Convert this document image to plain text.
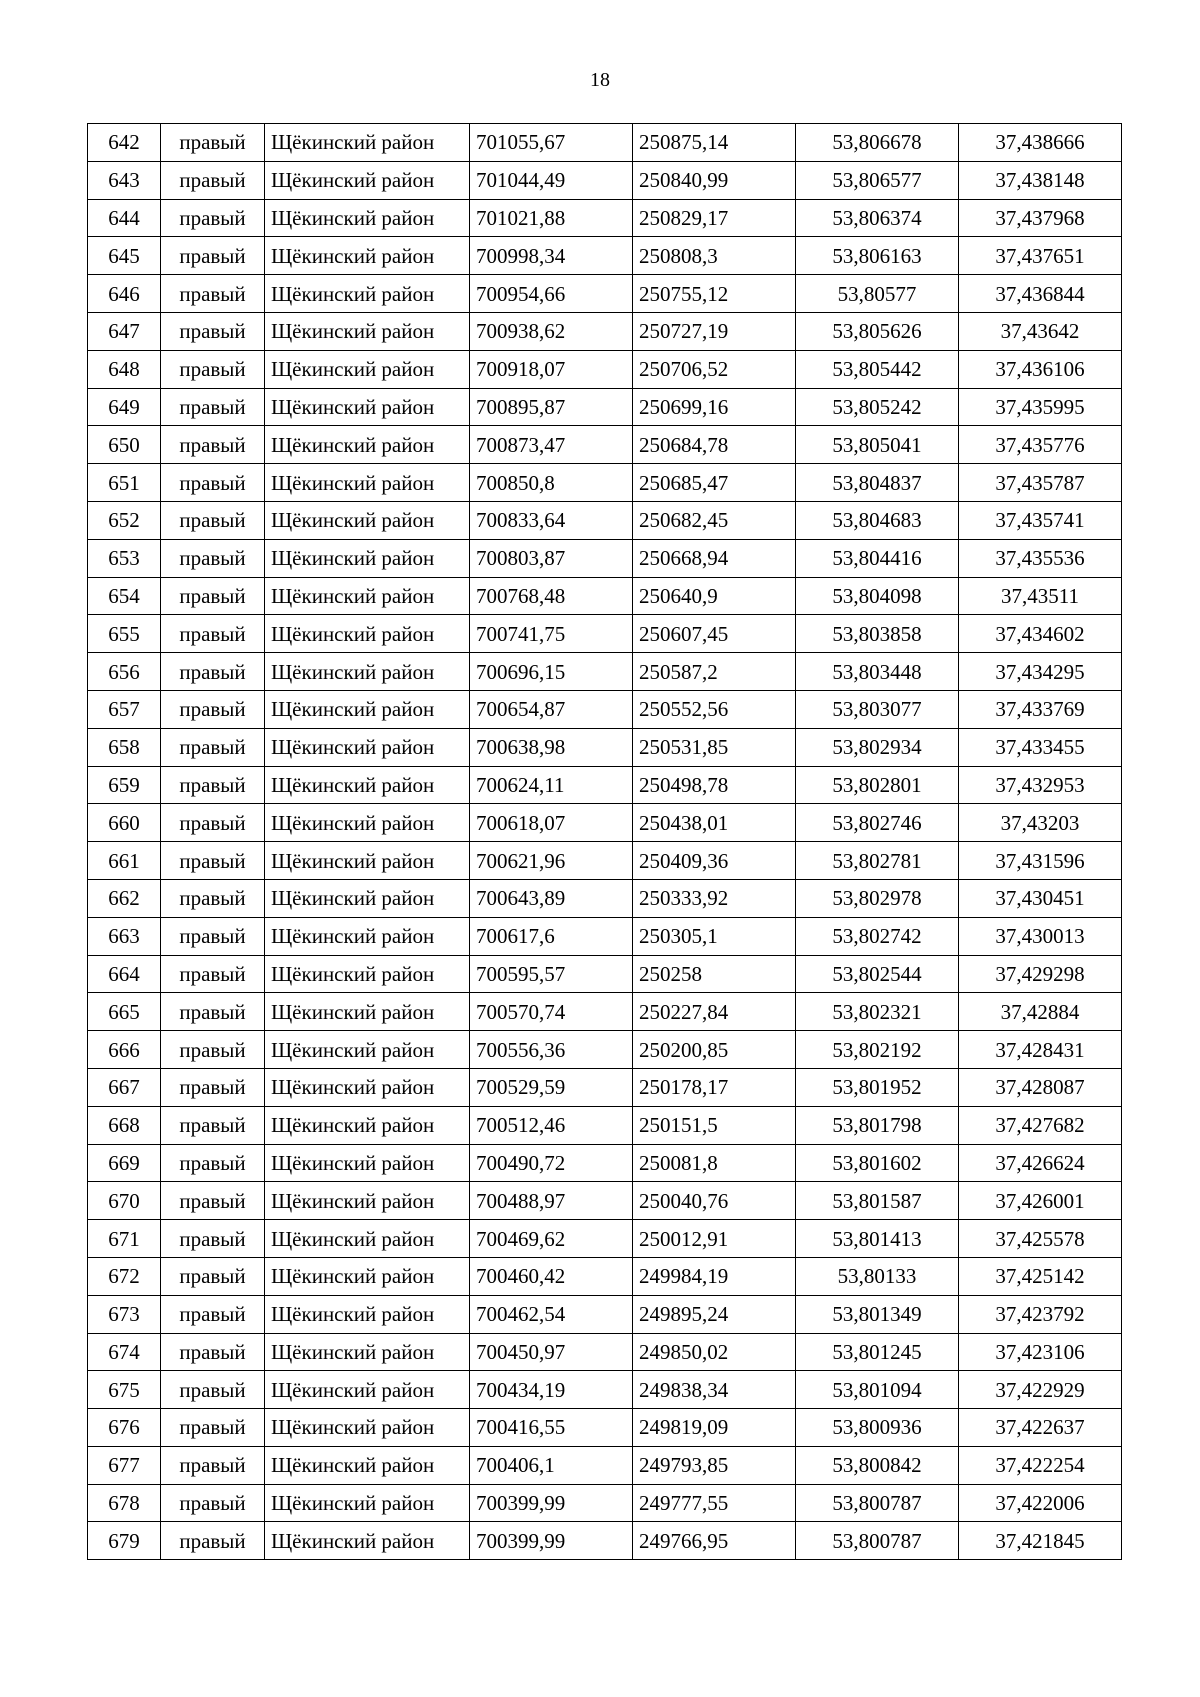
18
642	правый	Щёкинский район	701055,67	250875,14	53,806678	37,438666
643	правый	Щёкинский район	701044,49	250840,99	53,806577	37,438148
644	правый	Щёкинский район	701021,88	250829,17	53,806374	37,437968
645	правый	Щёкинский район	700998,34	250808,3	53,806163	37,437651
646	правый	Щёкинский район	700954,66	250755,12	53,80577	37,436844
647	правый	Щёкинский район	700938,62	250727,19	53,805626	37,43642
648	правый	Щёкинский район	700918,07	250706,52	53,805442	37,436106
649	правый	Щёкинский район	700895,87	250699,16	53,805242	37,435995
650	правый	Щёкинский район	700873,47	250684,78	53,805041	37,435776
651	правый	Щёкинский район	700850,8	250685,47	53,804837	37,435787
652	правый	Щёкинский район	700833,64	250682,45	53,804683	37,435741
653	правый	Щёкинский район	700803,87	250668,94	53,804416	37,435536
654	правый	Щёкинский район	700768,48	250640,9	53,804098	37,43511
655	правый	Щёкинский район	700741,75	250607,45	53,803858	37,434602
656	правый	Щёкинский район	700696,15	250587,2	53,803448	37,434295
657	правый	Щёкинский район	700654,87	250552,56	53,803077	37,433769
658	правый	Щёкинский район	700638,98	250531,85	53,802934	37,433455
659	правый	Щёкинский район	700624,11	250498,78	53,802801	37,432953
660	правый	Щёкинский район	700618,07	250438,01	53,802746	37,43203
661	правый	Щёкинский район	700621,96	250409,36	53,802781	37,431596
662	правый	Щёкинский район	700643,89	250333,92	53,802978	37,430451
663	правый	Щёкинский район	700617,6	250305,1	53,802742	37,430013
664	правый	Щёкинский район	700595,57	250258	53,802544	37,429298
665	правый	Щёкинский район	700570,74	250227,84	53,802321	37,42884
666	правый	Щёкинский район	700556,36	250200,85	53,802192	37,428431
667	правый	Щёкинский район	700529,59	250178,17	53,801952	37,428087
668	правый	Щёкинский район	700512,46	250151,5	53,801798	37,427682
669	правый	Щёкинский район	700490,72	250081,8	53,801602	37,426624
670	правый	Щёкинский район	700488,97	250040,76	53,801587	37,426001
671	правый	Щёкинский район	700469,62	250012,91	53,801413	37,425578
672	правый	Щёкинский район	700460,42	249984,19	53,80133	37,425142
673	правый	Щёкинский район	700462,54	249895,24	53,801349	37,423792
674	правый	Щёкинский район	700450,97	249850,02	53,801245	37,423106
675	правый	Щёкинский район	700434,19	249838,34	53,801094	37,422929
676	правый	Щёкинский район	700416,55	249819,09	53,800936	37,422637
677	правый	Щёкинский район	700406,1	249793,85	53,800842	37,422254
678	правый	Щёкинский район	700399,99	249777,55	53,800787	37,422006
679	правый	Щёкинский район	700399,99	249766,95	53,800787	37,421845
